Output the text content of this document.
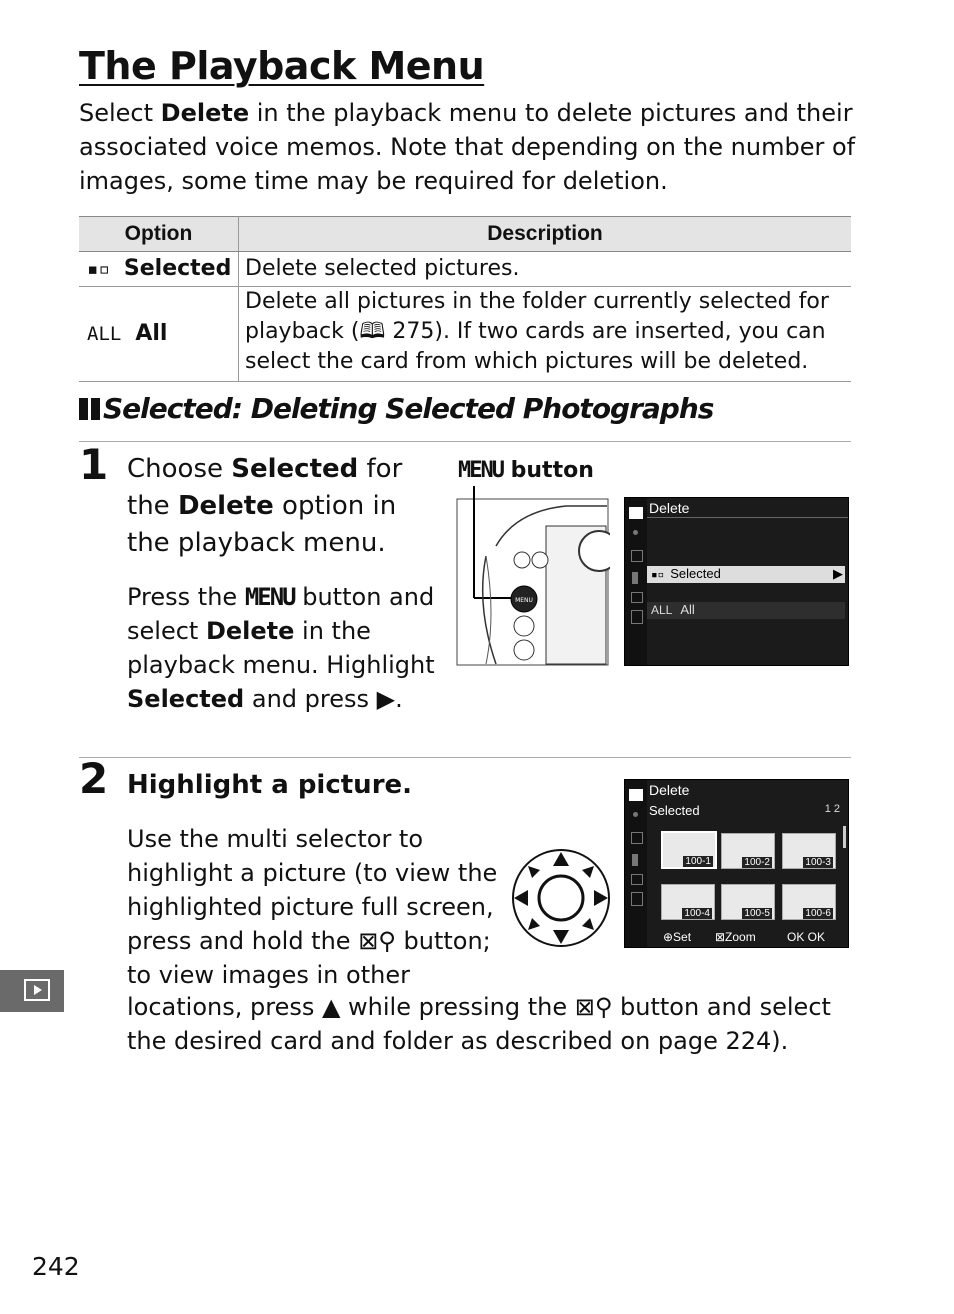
The Playback Menu
Select Delete in the playback menu to delete pictures and their associated voice memos. Note that depending on the number of images, some time may be required for deletion.
Option	Description
▪▫ Selected	Delete selected pictures.
ALL All	Delete all pictures in the folder currently selected for playback (🕮 275). If two cards are inserted, you can select the card from which pictures will be deleted.
Selected: Deleting Selected Photographs
1 Choose Selected for the Delete option in the playback menu.
Press the MENU button and select Delete in the playback menu. Highlight Selected and press ▶.
MENU button
MENU
Delete
▪▫ Selected	▶
ALL All
2 Highlight a picture.
Use the multi selector to
highlight a picture (to view the
highlighted picture full screen,
press and hold the ⊠⚲ button;
to view images in other
locations, press ▲ while pressing the ⊠⚲ button and select
the desired card and folder as described on page 224).
Delete
Selected	1 2
100-1	100-2	100-3
100-4	100-5	100-6
⊕Set ⊠Zoom	OK OK
242
